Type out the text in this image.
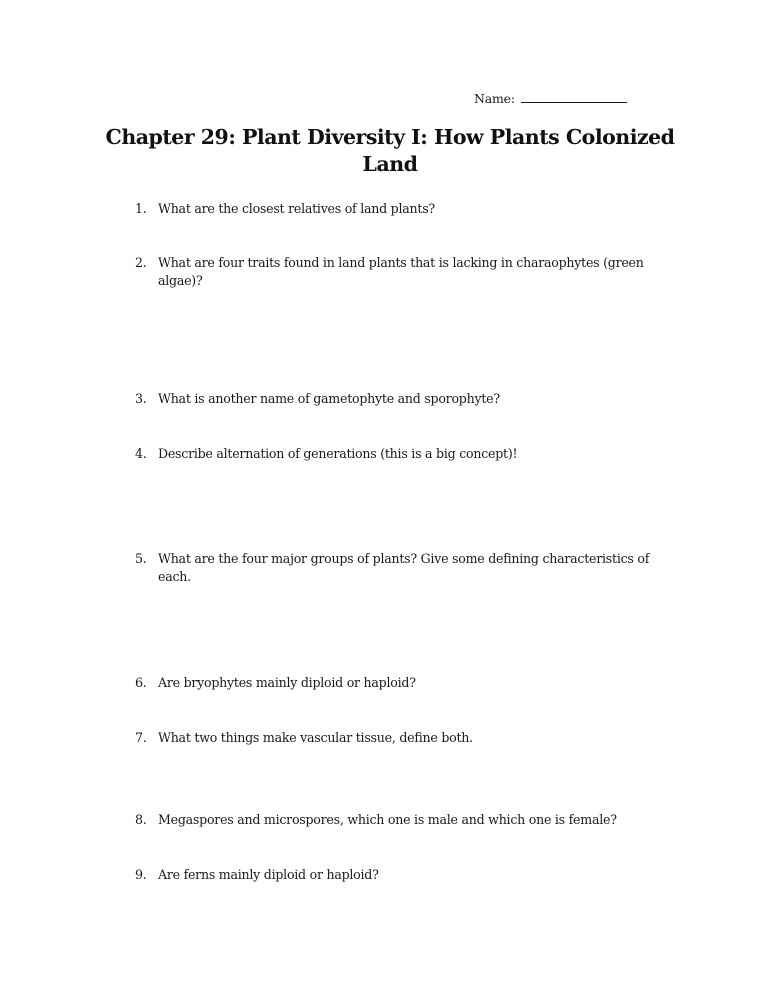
Name:
Chapter 29: Plant Diversity I: How Plants Colonized
Land
1. What are the closest relatives of land plants?
2. What are four traits found in land plants that is lacking in charaophytes (green algae)?
3. What is another name of gametophyte and sporophyte?
4. Describe alternation of generations (this is a big concept)!
5. What are the four major groups of plants? Give some defining characteristics of each.
6. Are bryophytes mainly diploid or haploid?
7. What two things make vascular tissue, define both.
8. Megaspores and microspores, which one is male and which one is female?
9. Are ferns mainly diploid or haploid?
